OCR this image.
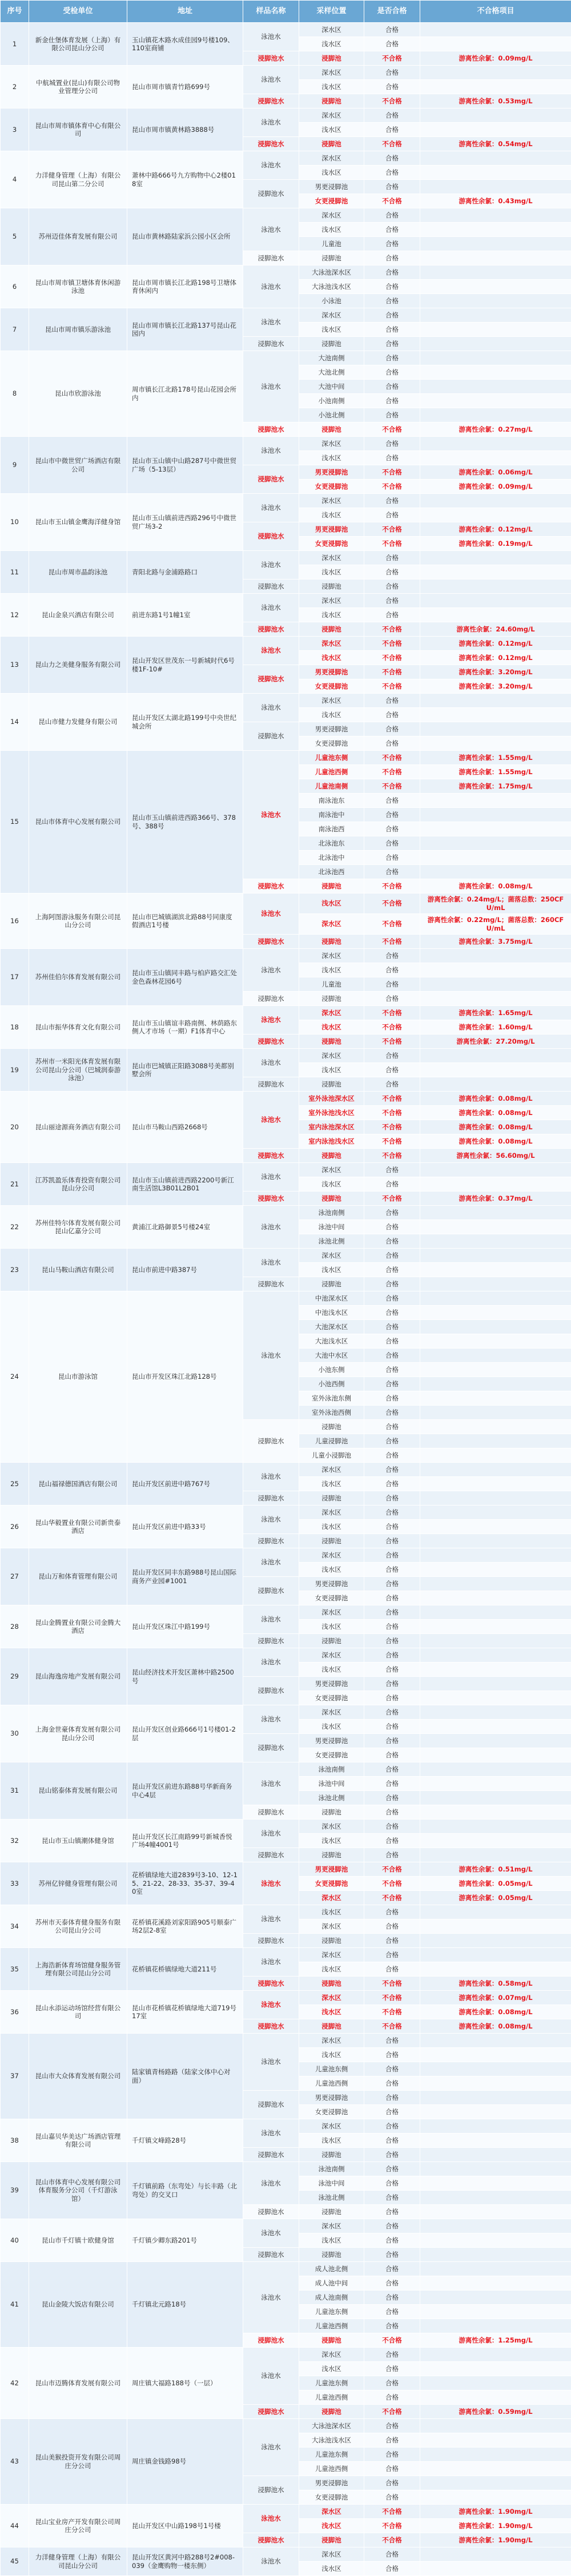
序号	受检单位	地址	样品名称	采样位置	是否合格	不合格项目
1	新金仕堡体育发展（上海）有限公司昆山分公司	玉山镇花木路水成佳园9号楼109、110室商铺	泳池水	深水区	合格	
				浅水区	合格	
			浸脚池水	浸脚池	不合格	游离性余氯：0.09mg/L
2	中航城置业(昆山)有限公司物业管理分公司	昆山市周市镇青竹路699号	泳池水	深水区	合格	
				浅水区	合格	
			浸脚池水	浸脚池	不合格	游离性余氯：0.53mg/L
3	昆山市周市镇体育中心有限公司	昆山市周市镇黄林路3888号	泳池水	深水区	合格	
				浅水区	合格	
			浸脚池水	浸脚池	不合格	游离性余氯：0.54mg/L
4	力洋健身管理（上海）有限公司昆山第二分公司	萧林中路666号九方购物中心2楼018室	泳池水	深水区	合格	
				浅水区	合格	
			浸脚池水	男更浸脚池	合格	
				女更浸脚池	不合格	游离性余氯：0.43mg/L
5	苏州迈佳体育发展有限公司	昆山市黄林路陆家浜公园小区会所	泳池水	深水区	合格	
				浅水区	合格	
				儿童池	合格	
			浸脚池水	浸脚池	合格	
6	昆山市周市镇卫塘体育休闲游泳池	昆山市周市镇长江北路198号卫塘体育休闲内	泳池水	大泳池深水区	合格	
				大泳池浅水区	合格	
				小泳池	合格	
7	昆山市周市镇乐游泳池	昆山市周市镇长江北路137号昆山花园内	泳池水	深水区	合格	
				浅水区	合格	
			浸脚池水	浸脚池	合格	
8	昆山市欣游泳池	周市镇长江北路178号昆山花园会所内	泳池水	大池南侧	合格	
				大池北侧	合格	
				大池中间	合格	
				小池南侧	合格	
				小池北侧	合格	
			浸脚池水	浸脚池	不合格	游离性余氯：0.27mg/L
9	昆山市中微世贸广场酒店有限公司	昆山市玉山镇中山路287号中微世贸广场（5-13层）	泳池水	深水区	合格	
				浅水区	合格	
			浸脚池水	男更浸脚池	不合格	游离性余氯：0.06mg/L
				女更浸脚池	不合格	游离性余氯：0.09mg/L
10	昆山市玉山镇金鹰海洋健身馆	昆山市玉山镇前进西路296号中微世贸广场3-2	泳池水	深水区	合格	
				浅水区	合格	
			浸脚池水	男更浸脚池	不合格	游离性余氯：0.12mg/L
				女更浸脚池	不合格	游离性余氯：0.19mg/L
11	昆山市周市晶韵泳池	青阳北路与金浦路路口	泳池水	深水区	合格	
				浅水区	合格	
			浸脚池水	浸脚池	合格	
12	昆山金泉兴酒店有限公司	前进东路1号1幢1室	泳池水	深水区	合格	
				浅水区	合格	
			浸脚池水	浸脚池	不合格	游离性余氯：24.60mg/L
13	昆山力之美健身服务有限公司	昆山开发区世茂东一号新城时代6号楼1F-10#	泳池水	深水区	不合格	游离性余氯：0.12mg/L
				浅水区	不合格	游离性余氯：0.12mg/L
			浸脚池水	男更浸脚池	不合格	游离性余氯：3.20mg/L
				女更浸脚池	不合格	游离性余氯：3.20mg/L
14	昆山市健力发健身有限公司	昆山开发区太湖北路199号中央世纪城会所	泳池水	深水区	合格	
				浅水区	合格	
			浸脚池水	男更浸脚池	合格	
				女更浸脚池	合格	
15	昆山市体育中心发展有限公司	昆山市玉山镇前进西路366号、378号、388号	泳池水	儿童池东侧	不合格	游离性余氯：1.55mg/L
				儿童池西侧	不合格	游离性余氯：1.55mg/L
				儿童池南侧	不合格	游离性余氯：1.75mg/L
				南泳池东	合格	
				南泳池中	合格	
				南泳池西	合格	
				北泳池东	合格	
				北泳池中	合格	
				北泳池西	合格	
			浸脚池水	浸脚池	不合格	游离性余氯：0.08mg/L
16	上海阿图游泳服务有限公司昆山分公司	昆山市巴城镇湖滨北路88号同康度假酒店1号楼	泳池水	浅水区	不合格	游离性余氯：0.24mg/L；菌落总数：250CFU/mL
				深水区	不合格	游离性余氯：0.22mg/L；菌落总数：260CFU/mL
			浸脚池水	浸脚池	不合格	游离性余氯：3.75mg/L
17	苏州佳伯尔体育发展有限公司	昆山市玉山镇同丰路与柏庐路交汇处金色森林花园6号	泳池水	深水区	合格	
				浅水区	合格	
				儿童池	合格	
			浸脚池水	浸脚池	合格	
18	昆山市振华体育文化有限公司	昆山市玉山镇谊丰路南侧、林荫路东侧人才市场（一期）F1体育中心	泳池水	深水区	不合格	游离性余氯：1.65mg/L
				浅水区	不合格	游离性余氯：1.60mg/L
			浸脚池水	浸脚池	不合格	游离性余氯：27.20mg/L
19	苏州市一米阳光体育发展有限公司昆山分公司（巴城润泰游泳池）	昆山市巴城镇正阳路3088号美都别墅会所	泳池水	深水区	合格	
				浅水区	合格	
			浸脚池水	浸脚池	合格	
20	昆山丽途源商务酒店有限公司	昆山市马鞍山西路2668号	泳池水	室外泳池深水区	不合格	游离性余氯：0.08mg/L
				室外泳池浅水区	不合格	游离性余氯：0.08mg/L
				室内泳池深水区	不合格	游离性余氯：0.08mg/L
				室内泳池浅水区	不合格	游离性余氯：0.08mg/L
			浸脚池水	浸脚池	不合格	游离性余氯：56.60mg/L
21	江苏凯盈乐体育投资有限公司昆山分公司	昆山市玉山镇前进西路2200号新江南生活馆L3B01L2B01	泳池水	深水区	合格	
				浅水区	合格	
			浸脚池水	浸脚池	不合格	游离性余氯：0.37mg/L
22	苏州佳特尔体育发展有限公司昆山亿嘉分公司	黄浦江北路御景5号楼24室	泳池水	泳池南侧	合格	
				泳池中间	合格	
				泳池北侧	合格	
23	昆山马鞍山酒店有限公司	昆山市前进中路387号	泳池水	深水区	合格	
				浅水区	合格	
			浸脚池水	浸脚池	合格	
24	昆山市游泳馆	昆山市开发区珠江北路128号	泳池水	中池深水区	合格	
				中池浅水区	合格	
				大池深水区	合格	
				大池浅水区	合格	
				大池中水区	合格	
				小池东侧	合格	
				小池西侧	合格	
				室外泳池东侧	合格	
				室外泳池西侧	合格	
			浸脚池水	浸脚池	合格	
				儿童浸脚池	合格	
				儿童小浸脚池	合格	
25	昆山福禄德国酒店有限公司	昆山开发区前进中路767号	泳池水	深水区	合格	
				浅水区	合格	
			浸脚池水	浸脚池	合格	
26	昆山华毅置业有限公司新贵泰酒店	昆山开发区前进中路33号	泳池水	深水区	合格	
				浅水区	合格	
			浸脚池水	浸脚池	合格	
27	昆山万和体育管理有限公司	昆山开发区同丰东路988号昆山国际商务产业园#1001	泳池水	深水区	合格	
				浅水区	合格	
			浸脚池水	男更浸脚池	合格	
				女更浸脚池	合格	
28	昆山金腾置业有限公司金腾大酒店	昆山开发区珠江中路199号	泳池水	深水区	合格	
				浅水区	合格	
			浸脚池水	浸脚池	合格	
29	昆山海逸房地产发展有限公司	昆山经济技术开发区萧林中路2500号	泳池水	深水区	合格	
				浅水区	合格	
			浸脚池水	男更浸脚池	合格	
				女更浸脚池	合格	
30	上海金世豪体育发展有限公司昆山分公司	昆山开发区创业路666号1号楼01-2层	泳池水	深水区	合格	
				浅水区	合格	
			浸脚池水	男更浸脚池	合格	
				女更浸脚池	合格	
31	昆山铭泰体育发展有限公司	昆山开发区前进东路88号华新商务中心4层	泳池水	泳池南侧	合格	
				泳池中间	合格	
				泳池北侧	合格	
			浸脚池水	浸脚池	合格	
32	昆山市玉山镇潮体健身馆	昆山开发区长江南路99号新城香悦广场4幢4001号	泳池水	深水区	合格	
				浅水区	合格	
			浸脚池水	浸脚池	合格	
33	苏州亿锌健身管理有限公司	花桥镇绿地大道2839号3-10、12-15、21-22、28-33、35-37、39-40室	泳池水	男更浸脚池	不合格	游离性余氯：0.51mg/L
				女更浸脚池	不合格	游离性余氯：0.05mg/L
				深水区	不合格	游离性余氯：0.05mg/L
34	苏州市天泰体育健身服务有限公司昆山分公司	花桥镇花溪路刘家阳路905号顺泰广场2层2-8室	泳池水	浅水区	合格	
				深水区	合格	
			浸脚池水	浸脚池	合格	
35	上海浩新体育场馆健身服务管理有限公司昆山分公司	花桥镇花桥镇绿地大道211号	泳池水	深水区	合格	
				浅水区	合格	
			浸脚池水	浸脚池	不合格	游离性余氯：0.58mg/L
36	昆山永添运动场馆经营有限公司	昆山市花桥镇花桥镇绿地大道719号17室	泳池水	深水区	不合格	游离性余氯：0.07mg/L
				浅水区	不合格	游离性余氯：0.08mg/L
			浸脚池水	浸脚池	不合格	游离性余氯：0.08mg/L
37	昆山市大众体育发展有限公司	陆家镇青杨路路（陆家文体中心对面）	泳池水	深水区	合格	
				浅水区	合格	
				儿童池东侧	合格	
				儿童池西侧	合格	
			浸脚池水	男更浸脚池	合格	
				女更浸脚池	合格	
38	昆山嘉贝华美达广场酒店管理有限公司	千灯镇文峰路28号	泳池水	深水区	合格	
				浅水区	合格	
			浸脚池水	浸脚池	合格	
39	昆山市体育中心发展有限公司体育服务分公司（千灯游泳馆）	千灯镇前路（东弯处）与长丰路（北弯处）的交叉口	泳池水	泳池南侧	合格	
				泳池中间	合格	
				泳池北侧	合格	
			浸脚池水	浸脚池	合格	
40	昆山市千灯镇十欧健身馆	千灯镇少卿东路201号	泳池水	深水区	合格	
				浅水区	合格	
			浸脚池水	浸脚池	合格	
41	昆山金陵大饭店有限公司	千灯镇北元路18号	泳池水	成人池北侧	合格	
				成人池中间	合格	
				成人池南侧	合格	
				儿童池东侧	合格	
				儿童池西侧	合格	
			浸脚池水	浸脚池	不合格	游离性余氯：1.25mg/L
42	昆山市迈腾体育发展有限公司	周庄镇大福路188号（一层）	泳池水	深水区	合格	
				浅水区	合格	
				儿童池东侧	合格	
				儿童池西侧	合格	
			浸脚池水	浸脚池	不合格	游离性余氯：0.59mg/L
43	昆山美猴投资开发有限公司周庄分公司	周庄镇金钱路98号	泳池水	大泳池深水区	合格	
				大泳池浅水区	合格	
				儿童池东侧	合格	
				儿童池西侧	合格	
			浸脚池水	男更浸脚池	合格	
				女更浸脚池	合格	
44	昆山宝业房产开发有限公司周庄分公司	昆山开发区中山路198号1号楼	泳池水	深水区	不合格	游离性余氯：1.90mg/L
				浅水区	不合格	游离性余氯：1.90mg/L
			浸脚池水	浸脚池	不合格	游离性余氯：1.90mg/L
45	力洋健身管理（上海）有限公司昆山分公司	昆山开发区黄河中路288号2#008-039（金鹰购物一楼东侧）	泳池水	深水区	合格	
				浅水区	合格	
